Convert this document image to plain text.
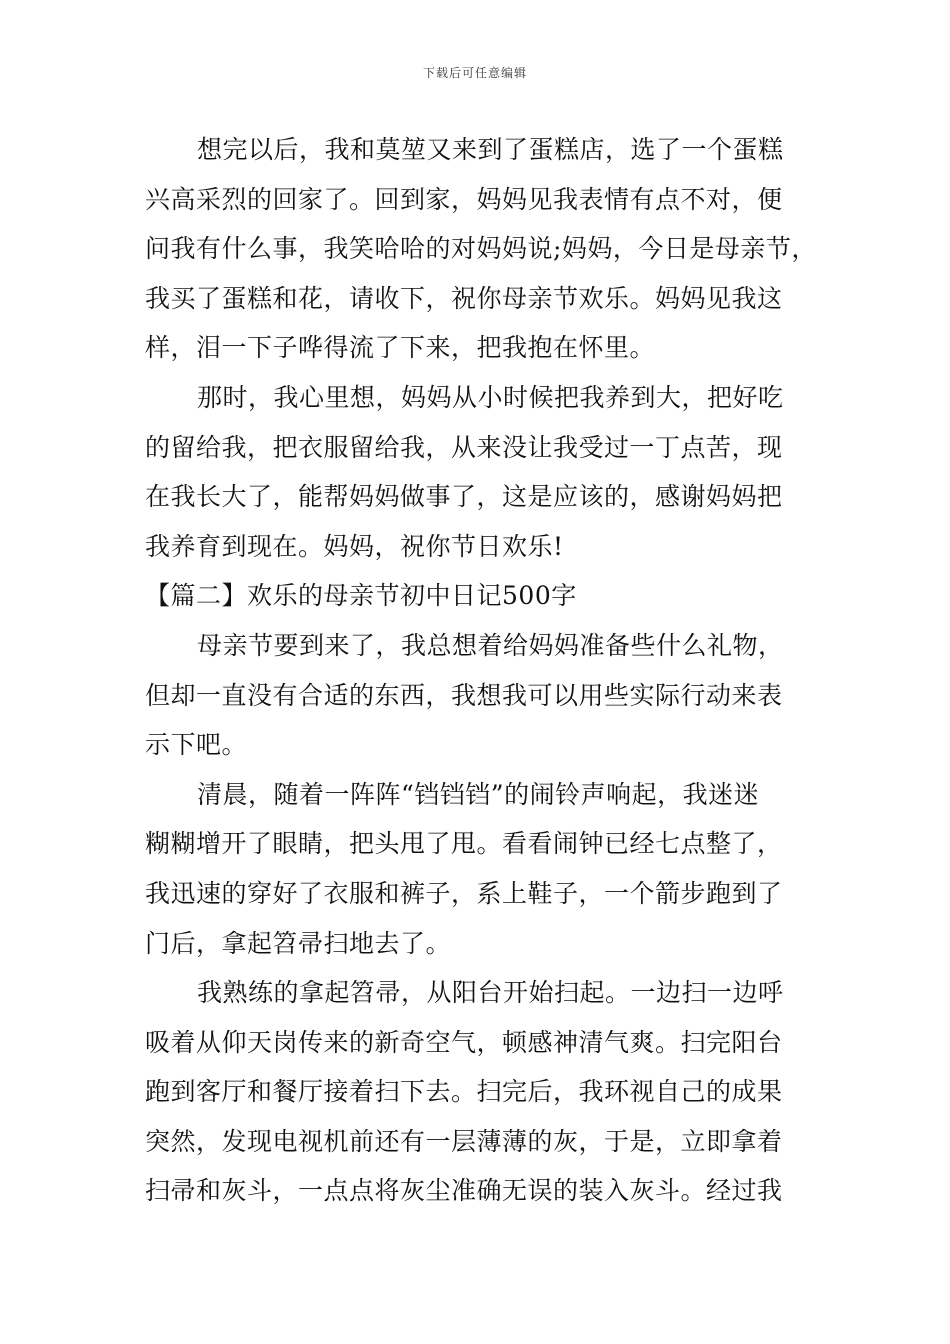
下载后可任意编辑
想完以后，我和莫堃又来到了蛋糕店，选了一个蛋糕
兴高采烈的回家了。回到家，妈妈见我表情有点不对，便
问我有什么事，我笑哈哈的对妈妈说;妈妈，今日是母亲节，
我买了蛋糕和花，请收下，祝你母亲节欢乐。妈妈见我这
样，泪一下子哗得流了下来，把我抱在怀里。
那时，我心里想，妈妈从小时候把我养到大，把好吃
的留给我，把衣服留给我，从来没让我受过一丁点苦，现
在我长大了，能帮妈妈做事了，这是应该的，感谢妈妈把
我养育到现在。妈妈，祝你节日欢乐!
【篇二】欢乐的母亲节初中日记500字
母亲节要到来了，我总想着给妈妈准备些什么礼物，
但却一直没有合适的东西，我想我可以用些实际行动来表
示下吧。
清晨，随着一阵阵“铛铛铛”的闹铃声响起，我迷迷
糊糊增开了眼睛，把头甩了甩。看看闹钟已经七点整了，
我迅速的穿好了衣服和裤子，系上鞋子，一个箭步跑到了
门后，拿起笤帚扫地去了。
我熟练的拿起笤帚，从阳台开始扫起。一边扫一边呼
吸着从仰天岗传来的新奇空气，顿感神清气爽。扫完阳台
跑到客厅和餐厅接着扫下去。扫完后，我环视自己的成果
突然，发现电视机前还有一层薄薄的灰，于是，立即拿着
扫帚和灰斗，一点点将灰尘准确无误的装入灰斗。经过我
